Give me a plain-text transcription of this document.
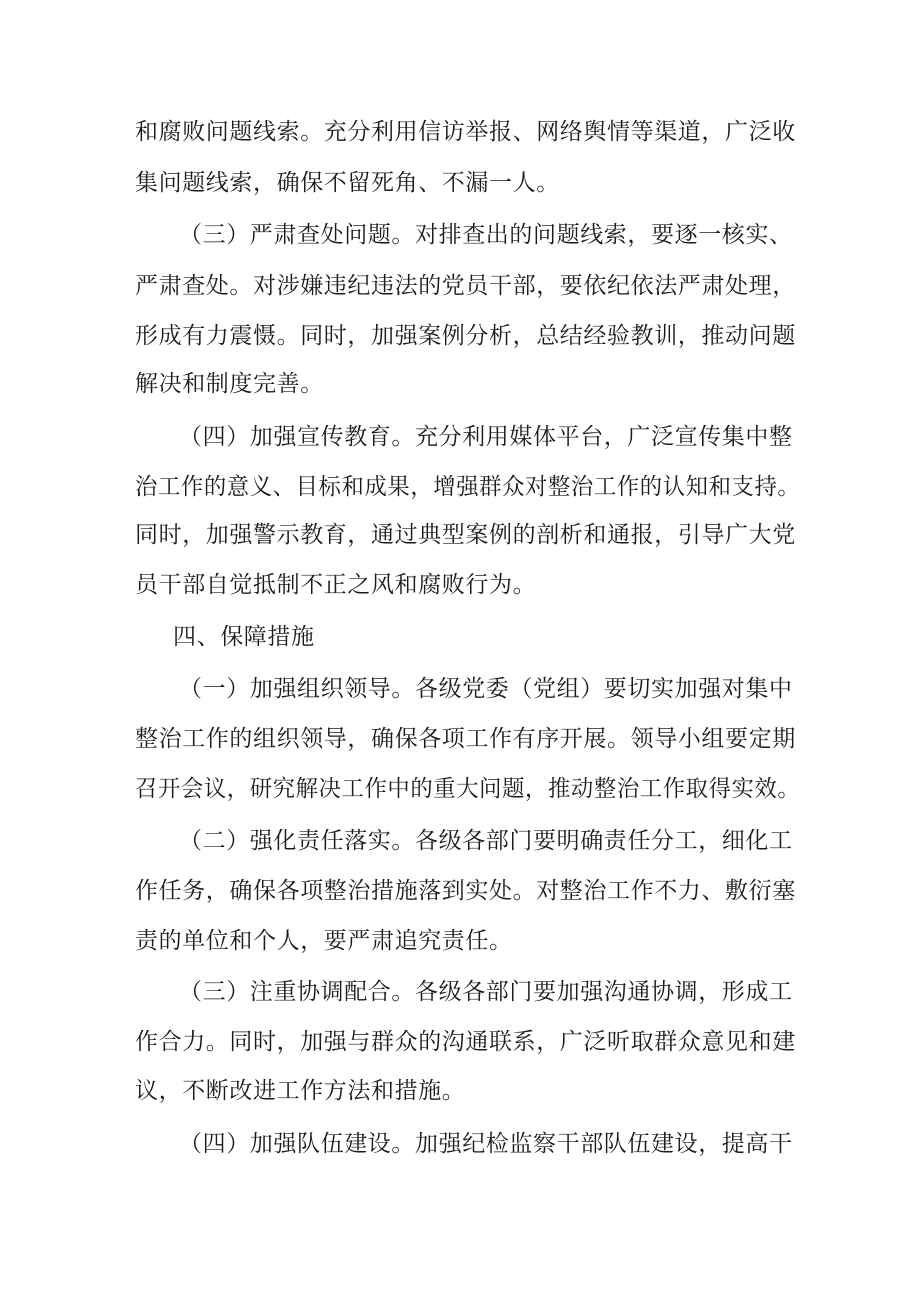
和腐败问题线索。充分利用信访举报、网络舆情等渠道，广泛收
集问题线索，确保不留死角、不漏一人。
（三）严肃查处问题。对排查出的问题线索，要逐一核实、
严肃查处。对涉嫌违纪违法的党员干部，要依纪依法严肃处理，
形成有力震慑。同时，加强案例分析，总结经验教训，推动问题
解决和制度完善。
（四）加强宣传教育。充分利用媒体平台，广泛宣传集中整
治工作的意义、目标和成果，增强群众对整治工作的认知和支持。
同时，加强警示教育，通过典型案例的剖析和通报，引导广大党
员干部自觉抵制不正之风和腐败行为。
四、保障措施
（一）加强组织领导。各级党委（党组）要切实加强对集中
整治工作的组织领导，确保各项工作有序开展。领导小组要定期
召开会议，研究解决工作中的重大问题，推动整治工作取得实效。
（二）强化责任落实。各级各部门要明确责任分工，细化工
作任务，确保各项整治措施落到实处。对整治工作不力、敷衍塞
责的单位和个人，要严肃追究责任。
（三）注重协调配合。各级各部门要加强沟通协调，形成工
作合力。同时，加强与群众的沟通联系，广泛听取群众意见和建
议，不断改进工作方法和措施。
（四）加强队伍建设。加强纪检监察干部队伍建设，提高干
